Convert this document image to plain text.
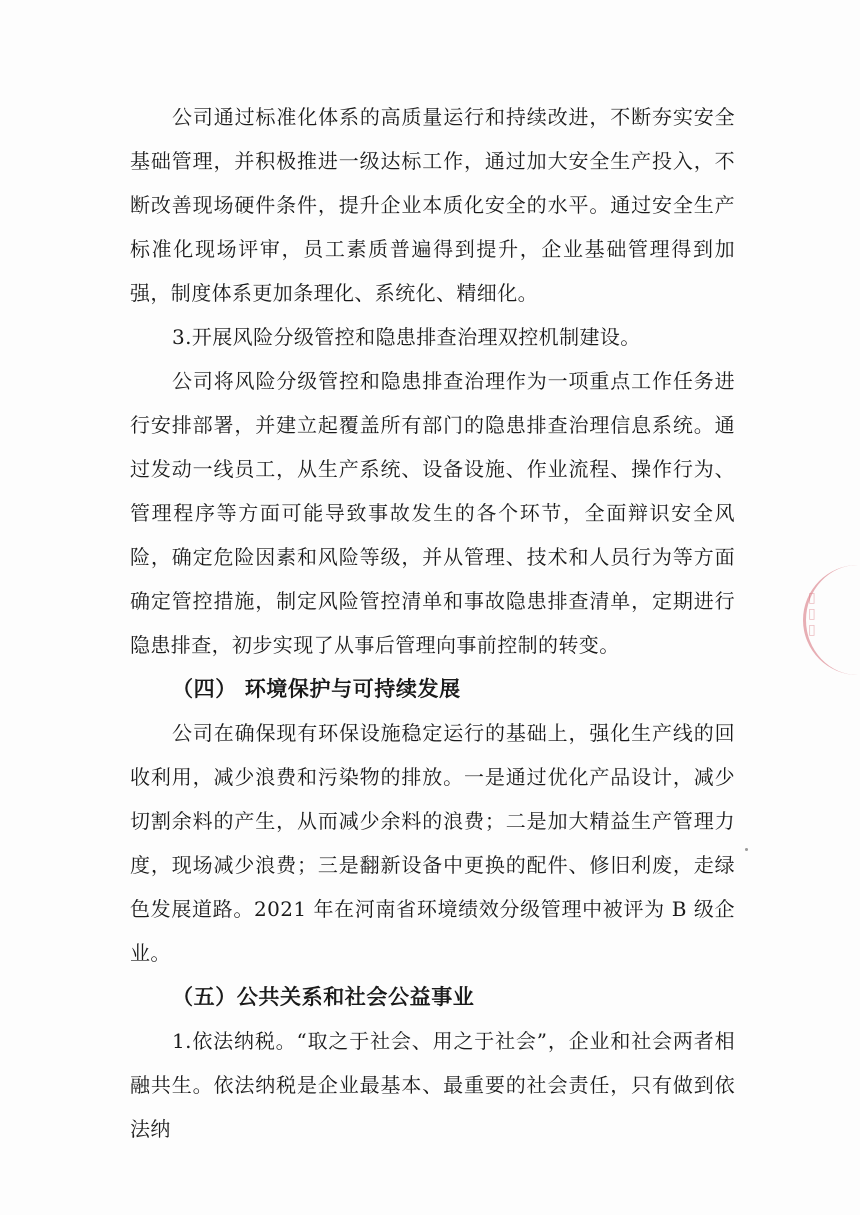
公司通过标准化体系的高质量运行和持续改进，不断夯实安全基础管理，并积极推进一级达标工作，通过加大安全生产投入，不断改善现场硬件条件，提升企业本质化安全的水平。通过安全生产标准化现场评审，员工素质普遍得到提升，企业基础管理得到加强，制度体系更加条理化、系统化、精细化。

3.开展风险分级管控和隐患排查治理双控机制建设。

公司将风险分级管控和隐患排查治理作为一项重点工作任务进行安排部署，并建立起覆盖所有部门的隐患排查治理信息系统。通过发动一线员工，从生产系统、设备设施、作业流程、操作行为、管理程序等方面可能导致事故发生的各个环节，全面辩识安全风险，确定危险因素和风险等级，并从管理、技术和人员行为等方面确定管控措施，制定风险管控清单和事故隐患排查清单，定期进行隐患排查，初步实现了从事后管理向事前控制的转变。

（四） 环境保护与可持续发展

公司在确保现有环保设施稳定运行的基础上，强化生产线的回收利用，减少浪费和污染物的排放。一是通过优化产品设计，减少切割余料的产生，从而减少余料的浪费；二是加大精益生产管理力度，现场减少浪费；三是翻新设备中更换的配件、修旧利废，走绿色发展道路。2021 年在河南省环境绩效分级管理中被评为 B 级企业。

（五）公共关系和社会公益事业

1.依法纳税。“取之于社会、用之于社会”，企业和社会两者相融共生。依法纳税是企业最基本、最重要的社会责任，只有做到依法纳

▯
▯
▯
